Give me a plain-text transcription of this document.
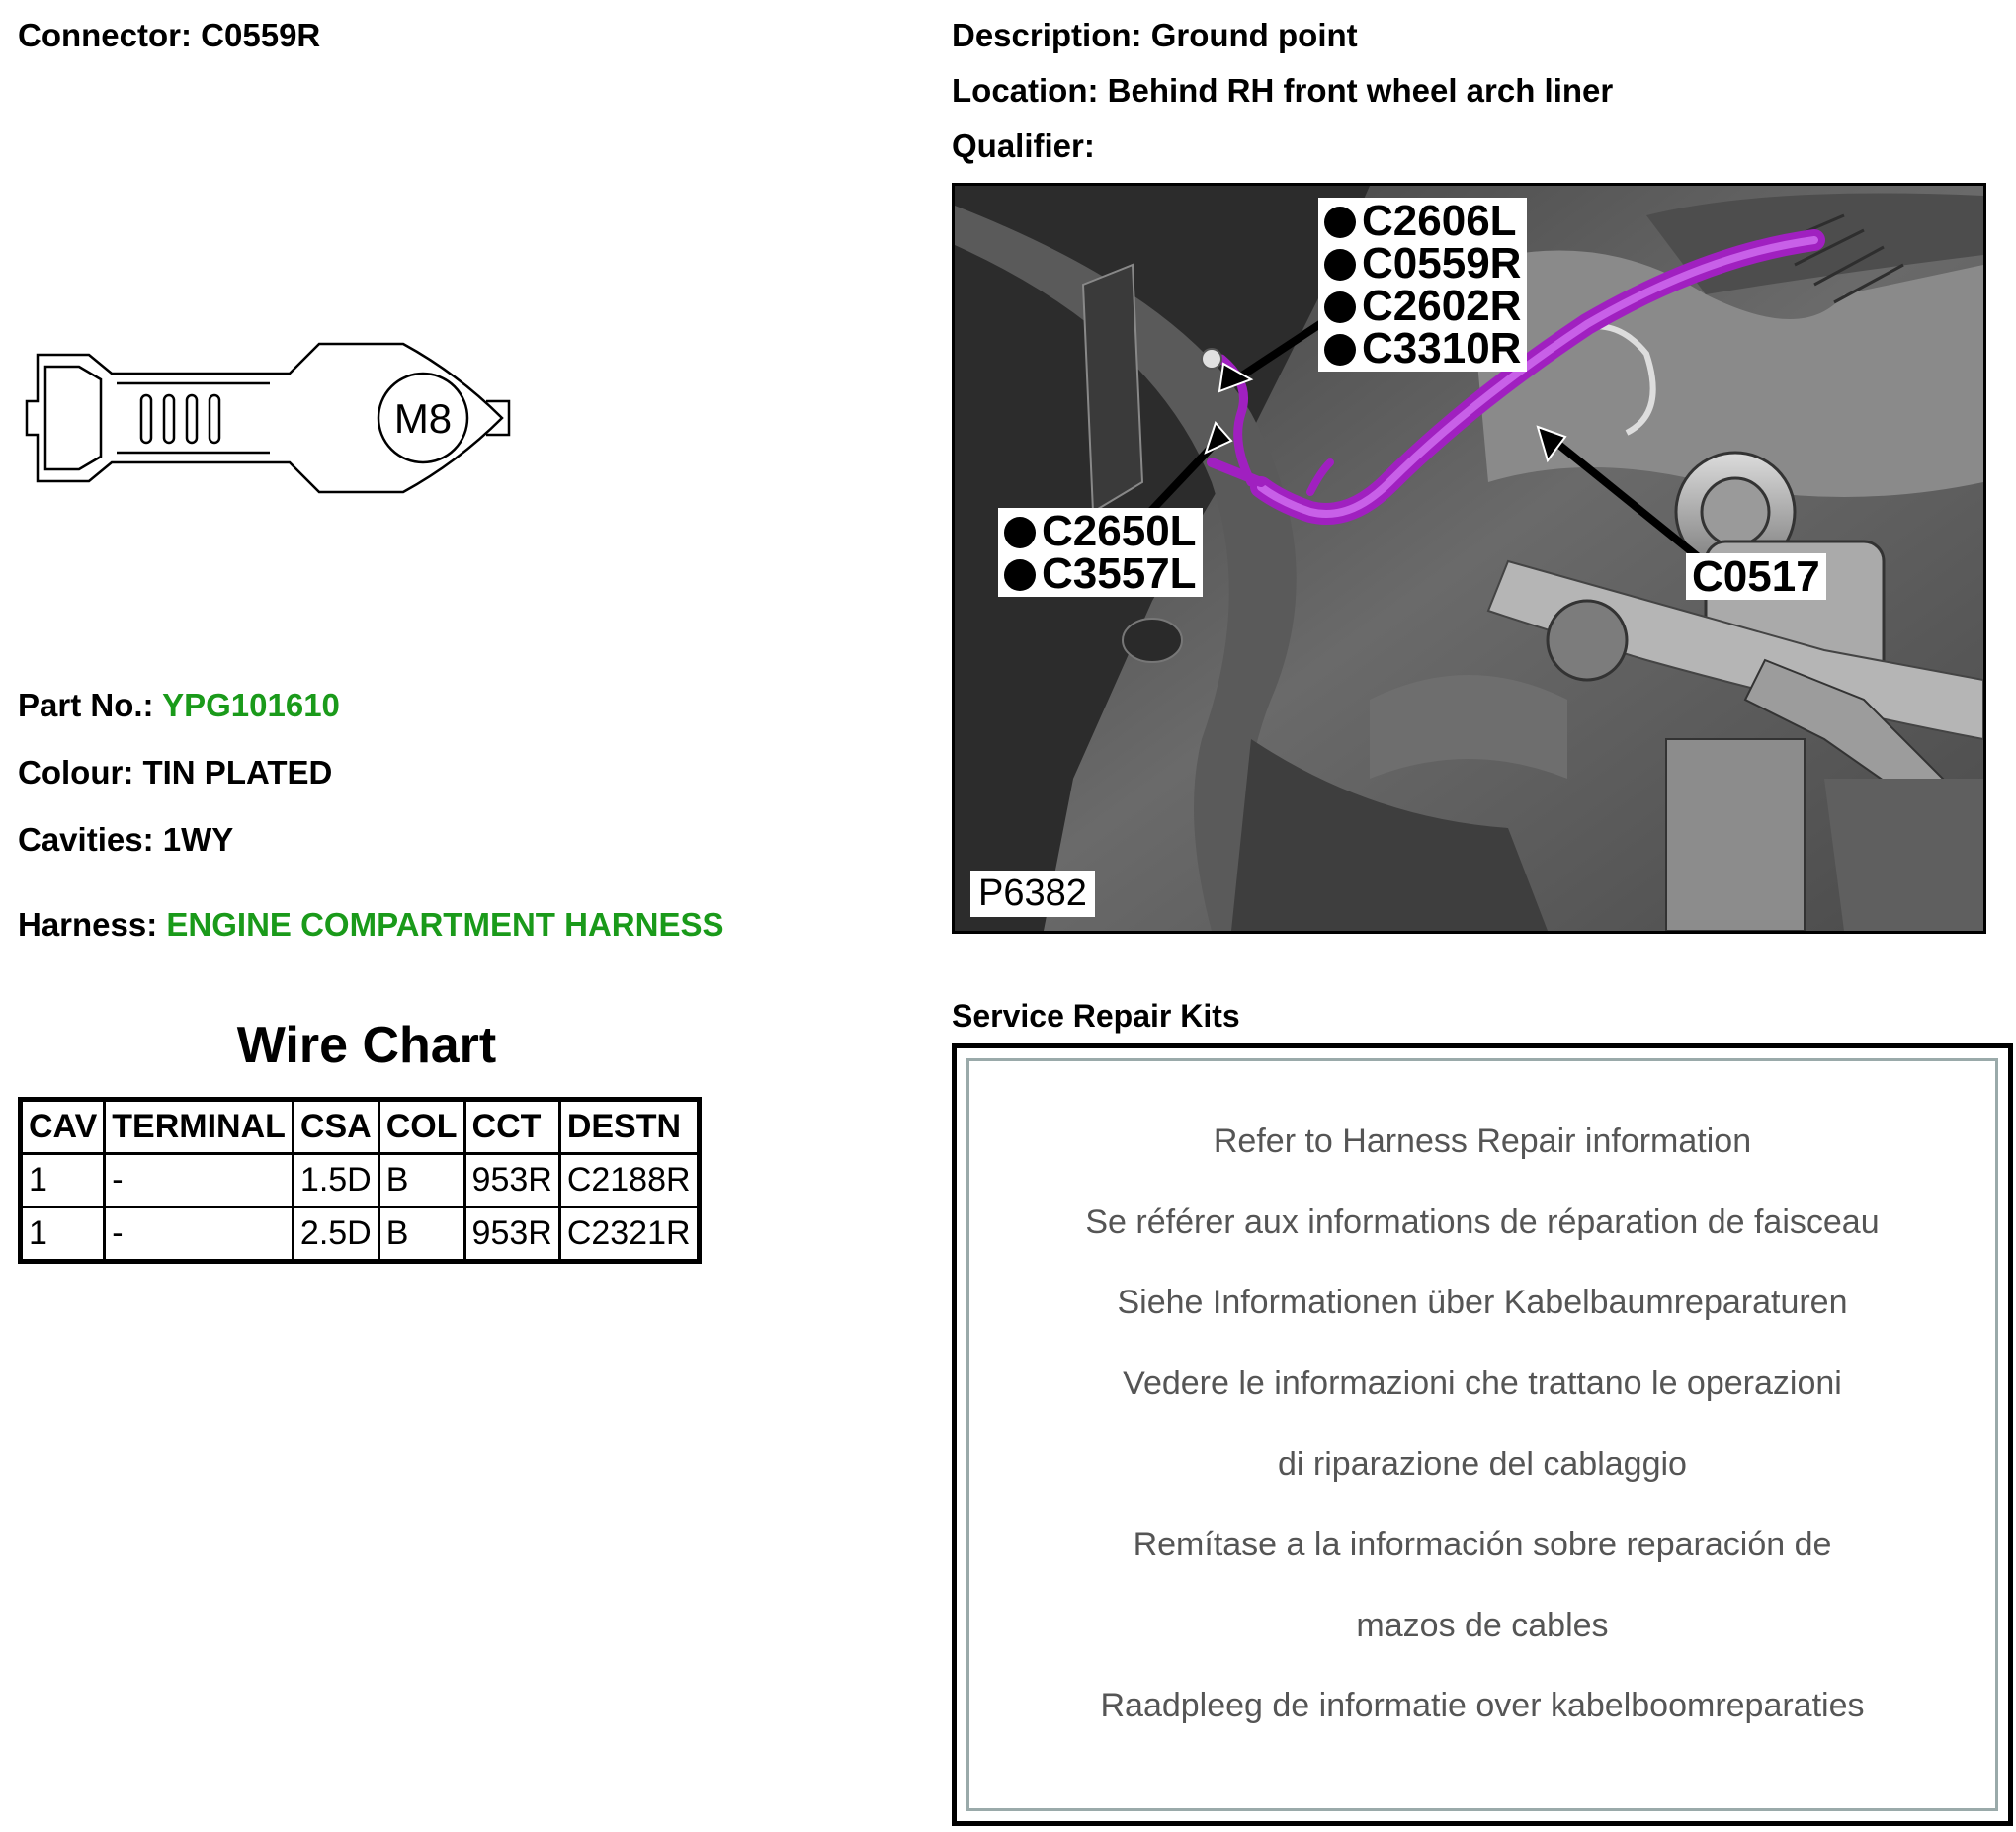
Connector: C0559R
M8
Part No.: YPG101610
Colour: TIN PLATED
Cavities: 1WY
Harness: ENGINE COMPARTMENT HARNESS
Wire Chart
CAV	TERMINAL	CSA	COL	CCT	DESTN
1	-	1.5D	B	953R	C2188R
1	-	2.5D	B	953R	C2321R
Description: Ground point
Location: Behind RH front wheel arch liner
Qualifier:
C2606L
C0559R
C2602R
C3310R
C2650L
C3557L	C0517
P6382
Service Repair Kits
Refer to Harness Repair information
Se référer aux informations de réparation de faisceau
Siehe Informationen über Kabelbaumreparaturen
Vedere le informazioni che trattano le operazioni
di riparazione del cablaggio
Remítase a la información sobre reparación de
mazos de cables
Raadpleeg de informatie over kabelboomreparaties
